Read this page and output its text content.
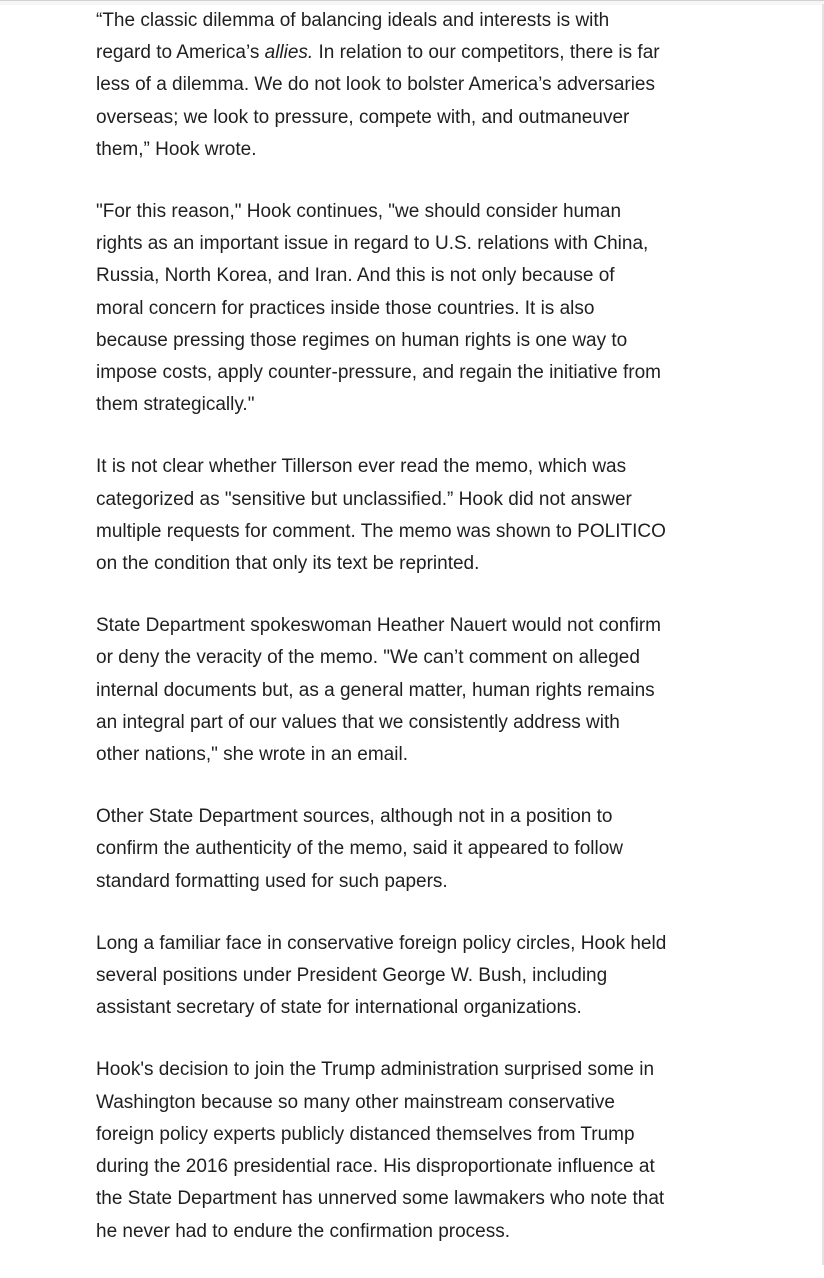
“The classic dilemma of balancing ideals and interests is with
regard to America’s allies. In relation to our competitors, there is far
less of a dilemma. We do not look to bolster America’s adversaries
overseas; we look to pressure, compete with, and outmaneuver
them,” Hook wrote.

"For this reason," Hook continues, "we should consider human
rights as an important issue in regard to U.S. relations with China,
Russia, North Korea, and Iran. And this is not only because of
moral concern for practices inside those countries. It is also
because pressing those regimes on human rights is one way to
impose costs, apply counter-pressure, and regain the initiative from
them strategically."

It is not clear whether Tillerson ever read the memo, which was
categorized as "sensitive but unclassified.” Hook did not answer
multiple requests for comment. The memo was shown to POLITICO
on the condition that only its text be reprinted.

State Department spokeswoman Heather Nauert would not confirm
or deny the veracity of the memo. "We can’t comment on alleged
internal documents but, as a general matter, human rights remains
an integral part of our values that we consistently address with
other nations," she wrote in an email.

Other State Department sources, although not in a position to
confirm the authenticity of the memo, said it appeared to follow
standard formatting used for such papers.

Long a familiar face in conservative foreign policy circles, Hook held
several positions under President George W. Bush, including
assistant secretary of state for international organizations.

Hook's decision to join the Trump administration surprised some in
Washington because so many other mainstream conservative
foreign policy experts publicly distanced themselves from Trump
during the 2016 presidential race. His disproportionate influence at
the State Department has unnerved some lawmakers who note that
he never had to endure the confirmation process.
